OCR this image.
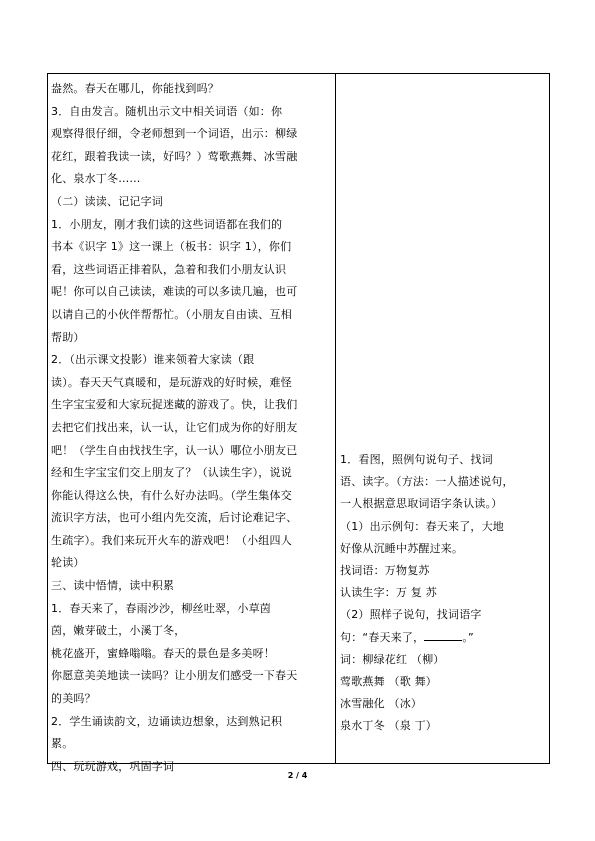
盎然。春天在哪儿，你能找到吗？
3．自由发言。随机出示文中相关词语（如：你
观察得很仔细，令老师想到一个词语，出示：柳绿
花红，跟着我读一读，好吗？）莺歌燕舞、冰雪融
化、泉水丁冬……
（二）读读、记记字词
1．小朋友，刚才我们读的这些词语都在我们的
书本《识字 1》这一课上（板书：识字 1），你们
看，这些词语正排着队，急着和我们小朋友认识
呢！你可以自己读读，难读的可以多读几遍，也可
以请自己的小伙伴帮帮忙。（小朋友自由读、互相
帮助）
2．（出示课文投影）谁来领着大家读（跟
读）。春天天气真暖和，是玩游戏的好时候，难怪
生字宝宝爱和大家玩捉迷藏的游戏了。快，让我们
去把它们找出来，认一认，让它们成为你的好朋友
吧！（学生自由找找生字，认一认）哪位小朋友已
经和生字宝宝们交上朋友了？（认读生字），说说
你能认得这么快，有什么好办法吗。（学生集体交
流识字方法，也可小组内先交流，后讨论难记字、
生疏字）。我们来玩开火车的游戏吧！（小组四人
轮读）
三、读中悟情，读中积累
1．春天来了，春雨沙沙，柳丝吐翠，小草茵
茵，嫩芽破土，小溪丁冬，
桃花盛开，蜜蜂嗡嗡。春天的景色是多美呀！
你愿意美美地读一读吗？让小朋友们感受一下春天
的美吗？
2．学生诵读韵文，边诵读边想象，达到熟记积
累。
四、玩玩游戏，巩固字词
1．看图，照例句说句子、找词
语、读字。（方法：一人描述说句，
一人根据意思取词语字条认读。）
（1）出示例句：春天来了，大地
好像从沉睡中苏醒过来。
找词语：万物复苏
认读生字：万 复 苏
（2）照样子说句，找词语字
句：“春天来了，	。”
词：柳绿花红 （柳）
莺歌燕舞 （歌 舞）
冰雪融化 （冰）
泉水丁冬 （泉 丁）
2 / 4
